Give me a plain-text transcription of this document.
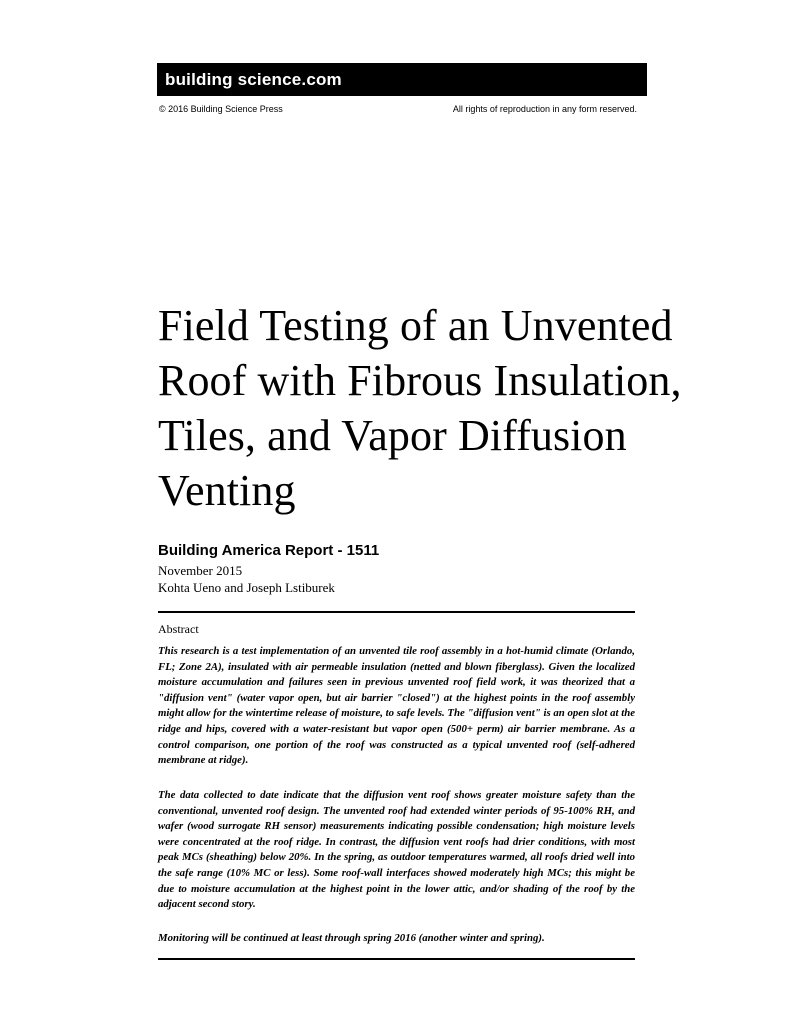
building science.com
© 2016 Building Science Press	All rights of reproduction in any form reserved.
Field Testing of an Unvented Roof with Fibrous Insulation, Tiles, and Vapor Diffusion Venting
Building America Report - 1511
November 2015
Kohta Ueno and Joseph Lstiburek
Abstract

This research is a test implementation of an unvented tile roof assembly in a hot-humid climate (Orlando, FL; Zone 2A), insulated with air permeable insulation (netted and blown fiberglass). Given the localized moisture accumulation and failures seen in previous unvented roof field work, it was theorized that a "diffusion vent" (water vapor open, but air barrier "closed") at the highest points in the roof assembly might allow for the wintertime release of moisture, to safe levels. The "diffusion vent" is an open slot at the ridge and hips, covered with a water-resistant but vapor open (500+ perm) air barrier membrane. As a control comparison, one portion of the roof was constructed as a typical unvented roof (self-adhered membrane at ridge).

The data collected to date indicate that the diffusion vent roof shows greater moisture safety than the conventional, unvented roof design. The unvented roof had extended winter periods of 95-100% RH, and wafer (wood surrogate RH sensor) measurements indicating possible condensation; high moisture levels were concentrated at the roof ridge. In contrast, the diffusion vent roofs had drier conditions, with most peak MCs (sheathing) below 20%. In the spring, as outdoor temperatures warmed, all roofs dried well into the safe range (10% MC or less). Some roof-wall interfaces showed moderately high MCs; this might be due to moisture accumulation at the highest point in the lower attic, and/or shading of the roof by the adjacent second story.

Monitoring will be continued at least through spring 2016 (another winter and spring).
